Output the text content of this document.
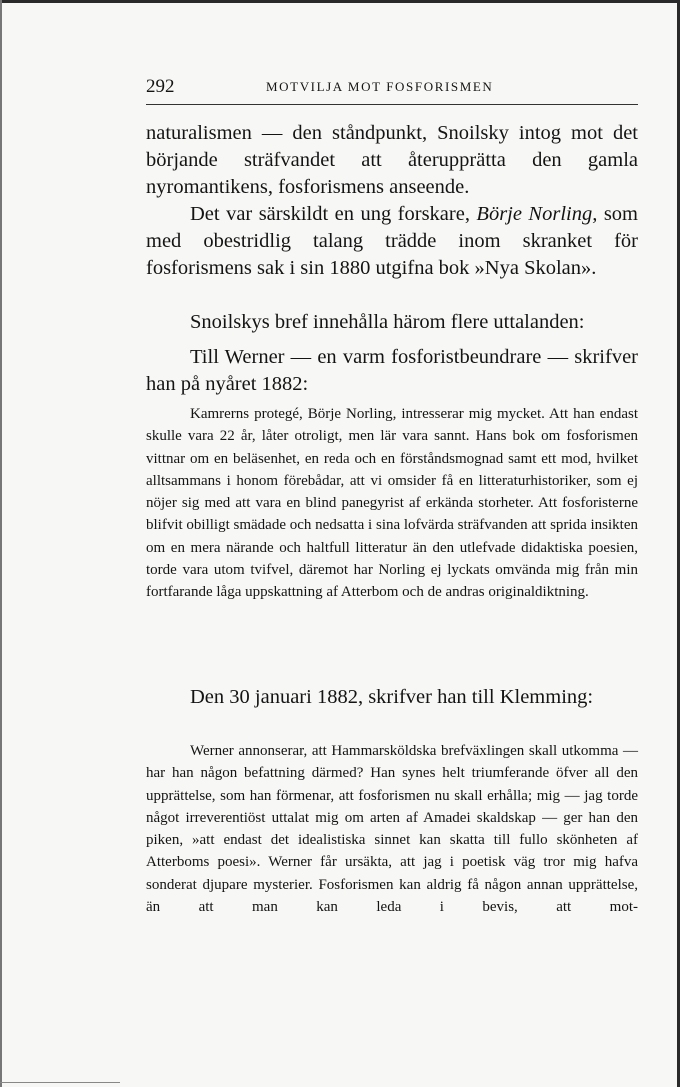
292	MOTVILJA MOT FOSFORISMEN

naturalismen — den ståndpunkt, Snoilsky intog mot det börjande sträfvandet att återupprätta den gamla nyromantikens, fosforismens anseende.

Det var särskildt en ung forskare, Börje Norling, som med obestridlig talang trädde inom skranket för fosforismens sak i sin 1880 utgifna bok »Nya Skolan».

Snoilskys bref innehålla härom flere uttalanden:

Till Werner — en varm fosforistbeundrare — skrifver han på nyåret 1882:

Kamrerns protegé, Börje Norling, intresserar mig mycket. Att han endast skulle vara 22 år, låter otroligt, men lär vara sannt. Hans bok om fosforismen vittnar om en beläsenhet, en reda och en förståndsmognad samt ett mod, hvilket alltsammans i honom förebådar, att vi omsider få en litteraturhistoriker, som ej nöjer sig med att vara en blind panegyrist af erkända storheter. Att fosforisterne blifvit obilligt smädade och nedsatta i sina lofvärda sträfvanden att sprida insikten om en mera närande och haltfull litteratur än den utlefvade didaktiska poesien, torde vara utom tvifvel, däremot har Norling ej lyckats omvända mig från min fortfarande låga uppskattning af Atterbom och de andras originaldiktning.

Den 30 januari 1882, skrifver han till Klemming:

Werner annonserar, att Hammarsköldska brefväxlingen skall utkomma — har han någon befattning därmed? Han synes helt triumferande öfver all den upprättelse, som han förmenar, att fosforismen nu skall erhålla; mig — jag torde något irreverentiöst uttalat mig om arten af Amadei skaldskap — ger han den piken, »att endast det idealistiska sinnet kan skatta till fullo skönheten af Atterboms poesi». Werner får ursäkta, att jag i poetisk väg tror mig hafva sonderat djupare mysterier. Fosforismen kan aldrig få någon annan upprättelse, än att man kan leda i bevis, att mot-
